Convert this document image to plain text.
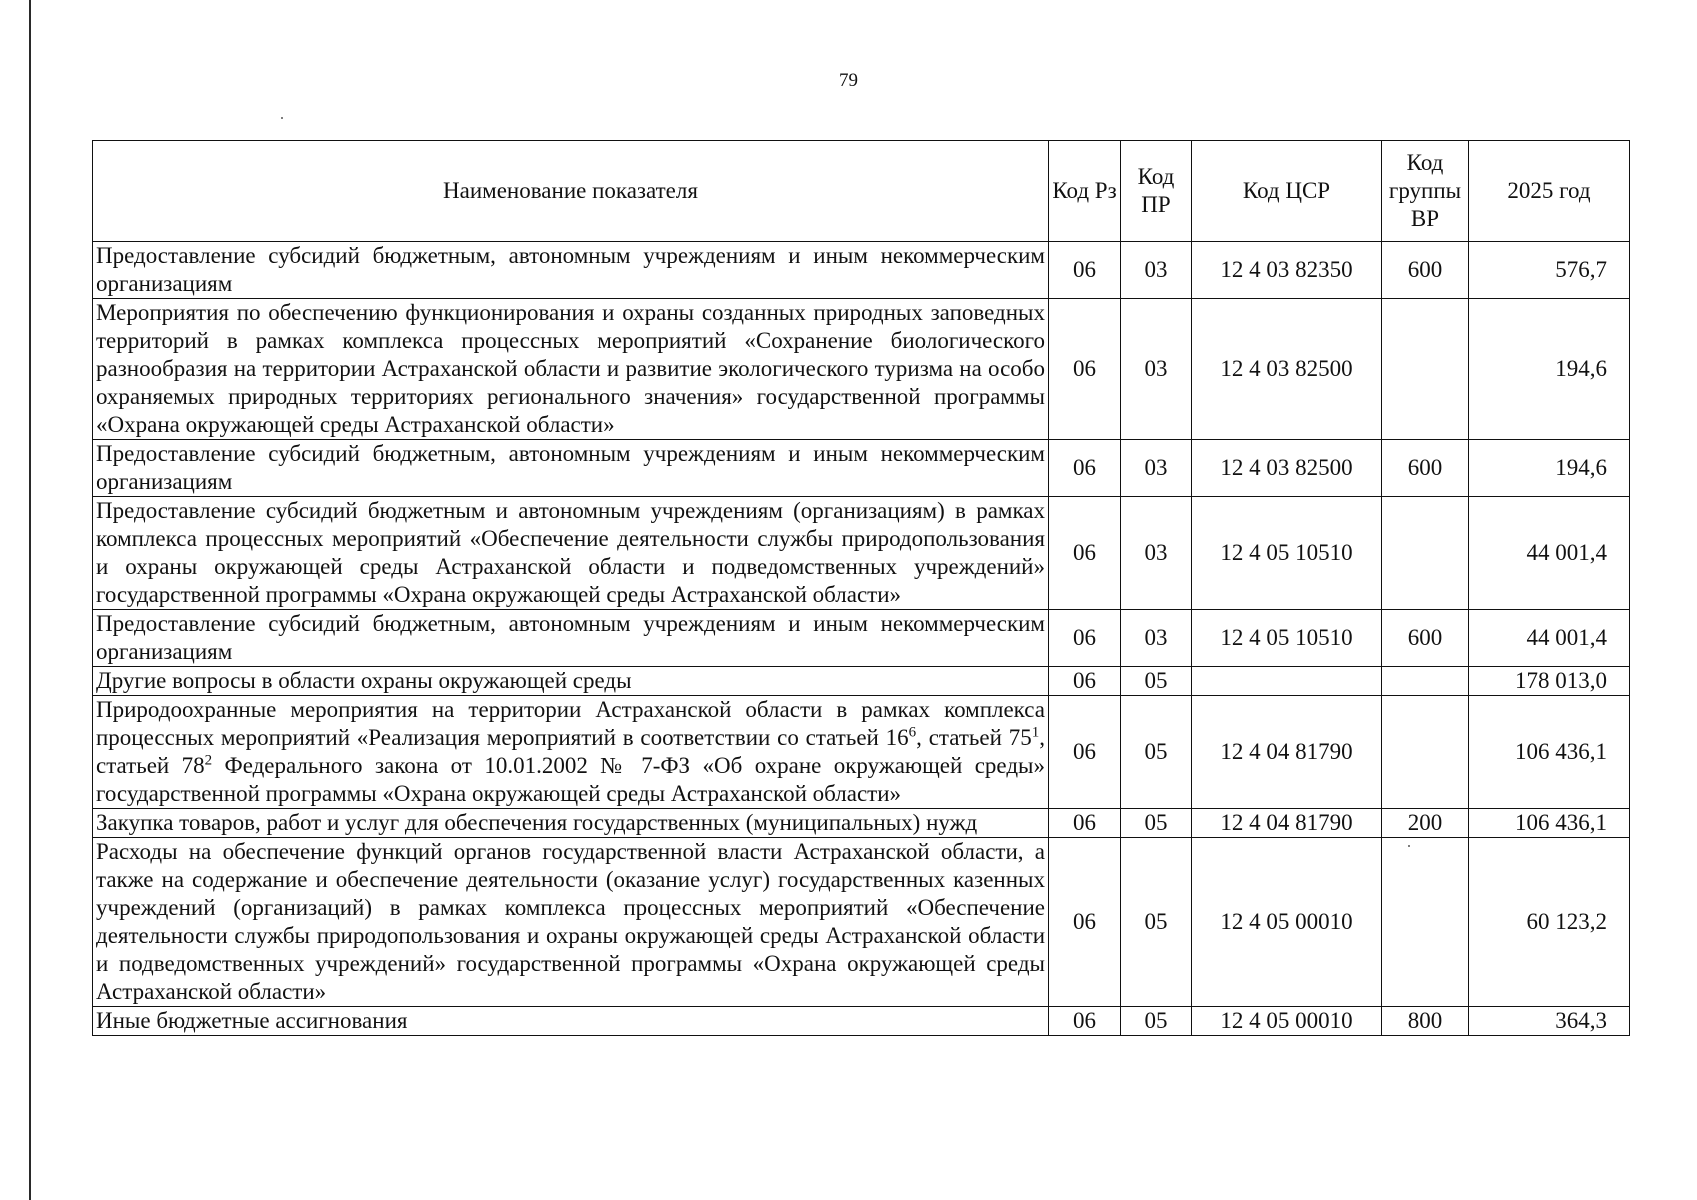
79
Наименование показателя	Код Рз	Код ПР	Код ЦСР	Код группы ВР	2025 год
Предоставление субсидий бюджетным, автономным учреждениям и иным некоммерческим организациям	06	03	12 4 03 82350	600	576,7
Мероприятия по обеспечению функционирования и охраны созданных природных заповедных территорий в рамках комплекса процессных мероприятий «Сохранение биологического разнообразия на территории Астраханской области и развитие экологического туризма на особо охраняемых природных территориях регионального значения» государственной программы «Охрана окружающей среды Астраханской области»	06	03	12 4 03 82500		194,6
Предоставление субсидий бюджетным, автономным учреждениям и иным некоммерческим организациям	06	03	12 4 03 82500	600	194,6
Предоставление субсидий бюджетным и автономным учреждениям (организациям) в рамках комплекса процессных мероприятий «Обеспечение деятельности службы природопользования и охраны окружающей среды Астраханской области и подведомственных учреждений» государственной программы «Охрана окружающей среды Астраханской области»	06	03	12 4 05 10510		44 001,4
Предоставление субсидий бюджетным, автономным учреждениям и иным некоммерческим организациям	06	03	12 4 05 10510	600	44 001,4
Другие вопросы в области охраны окружающей среды	06	05			178 013,0
Природоохранные мероприятия на территории Астраханской области в рамках комплекса процессных мероприятий «Реализация мероприятий в соответствии со статьей $16^6$, статьей $75^1$, статьей $78^2$ Федерального закона от 10.01.2002 № 7-ФЗ «Об охране окружающей среды» государственной программы «Охрана окружающей среды Астраханской области»	06	05	12 4 04 81790		106 436,1
Закупка товаров, работ и услуг для обеспечения государственных (муниципальных) нужд	06	05	12 4 04 81790	200	106 436,1
Расходы на обеспечение функций органов государственной власти Астраханской области, а также на содержание и обеспечение деятельности (оказание услуг) государственных казенных учреждений (организаций) в рамках комплекса процессных мероприятий «Обеспечение деятельности службы природопользования и охраны окружающей среды Астраханской области и подведомственных учреждений» государственной программы «Охрана окружающей среды Астраханской области»	06	05	12 4 05 00010		60 123,2
Иные бюджетные ассигнования	06	05	12 4 05 00010	800	364,3
